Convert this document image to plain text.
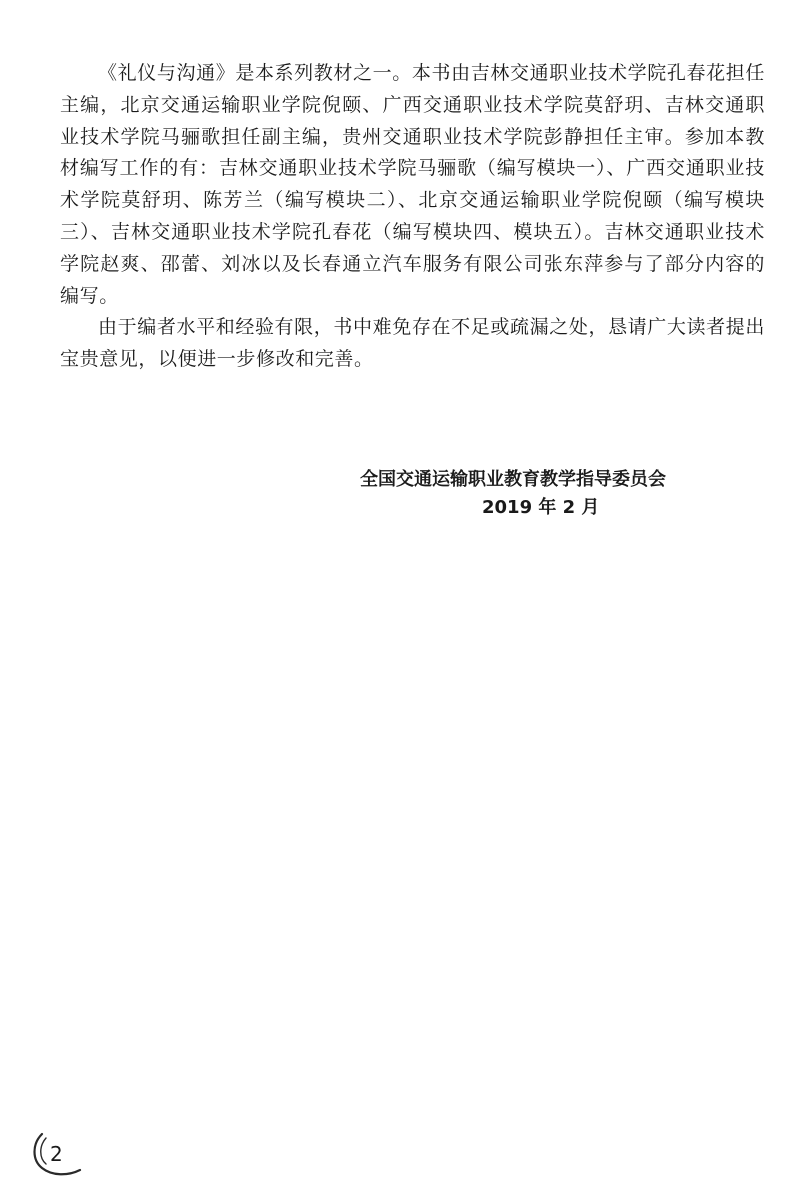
《礼仪与沟通》是本系列教材之一。本书由吉林交通职业技术学院孔春花担任主编，北京交通运输职业学院倪颐、广西交通职业技术学院莫舒玥、吉林交通职业技术学院马骊歌担任副主编，贵州交通职业技术学院彭静担任主审。参加本教材编写工作的有：吉林交通职业技术学院马骊歌（编写模块一）、广西交通职业技术学院莫舒玥、陈芳兰（编写模块二）、北京交通运输职业学院倪颐（编写模块三）、吉林交通职业技术学院孔春花（编写模块四、模块五）。吉林交通职业技术学院赵爽、邵蕾、刘冰以及长春通立汽车服务有限公司张东萍参与了部分内容的编写。

由于编者水平和经验有限，书中难免存在不足或疏漏之处，恳请广大读者提出宝贵意见，以便进一步修改和完善。

全国交通运输职业教育教学指导委员会
2019 年 2 月
2
